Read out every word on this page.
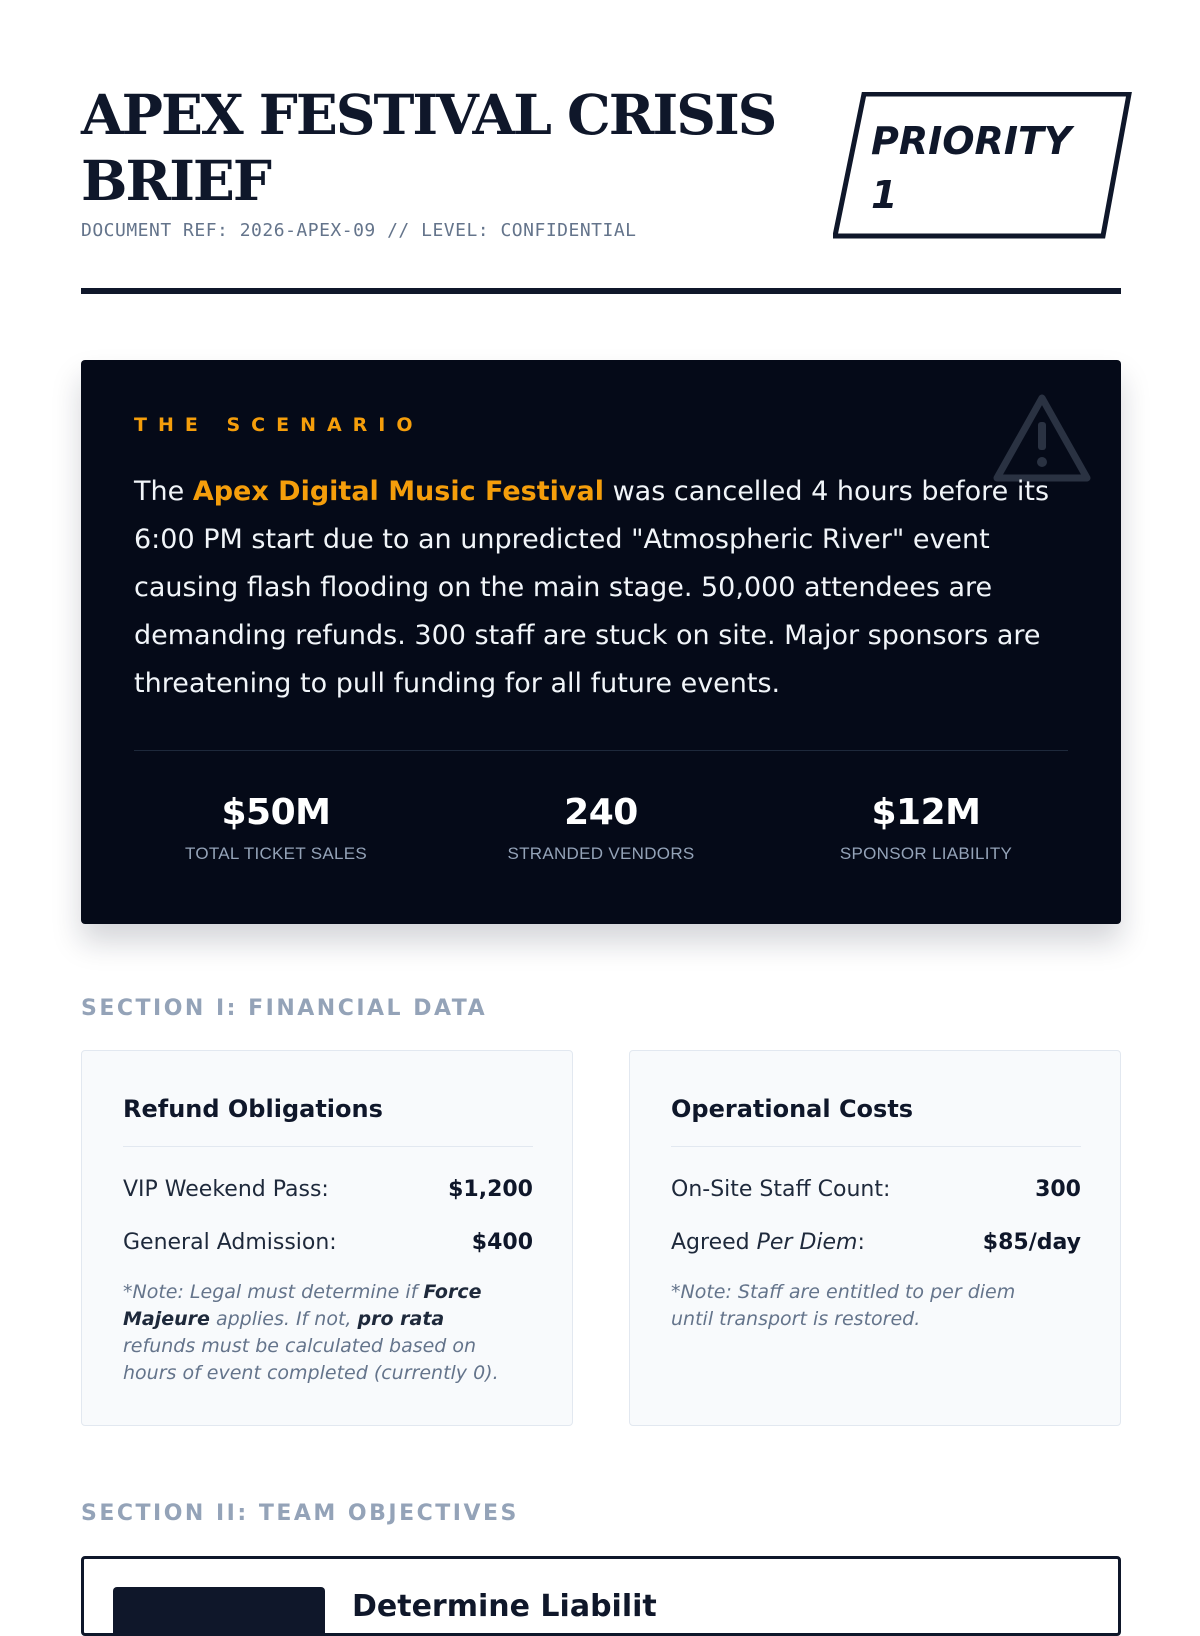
APEX FESTIVAL CRISIS BRIEF
DOCUMENT REF: 2026-APEX-09 // LEVEL: CONFIDENTIAL
PRIORITY 1
THE SCENARIO

The Apex Digital Music Festival was cancelled 4 hours before its 6:00 PM start due to an unpredicted "Atmospheric River" event causing flash flooding on the main stage. 50,000 attendees are demanding refunds. 300 staff are stuck on site. Major sponsors are threatening to pull funding for all future events.

$50M
TOTAL TICKET SALES
240
STRANDED VENDORS
$12M
SPONSOR LIABILITY
SECTION I: FINANCIAL DATA
Refund Obligations
VIP Weekend Pass:	$1,200
General Admission:	$400
*Note: Legal must determine if Force Majeure applies. If not, pro rata refunds must be calculated based on hours of event completed (currently 0).
Operational Costs
On-Site Staff Count:	300
Agreed Per Diem:	$85/day
*Note: Staff are entitled to per diem until transport is restored.
SECTION II: TEAM OBJECTIVES
Determine Liabilit
